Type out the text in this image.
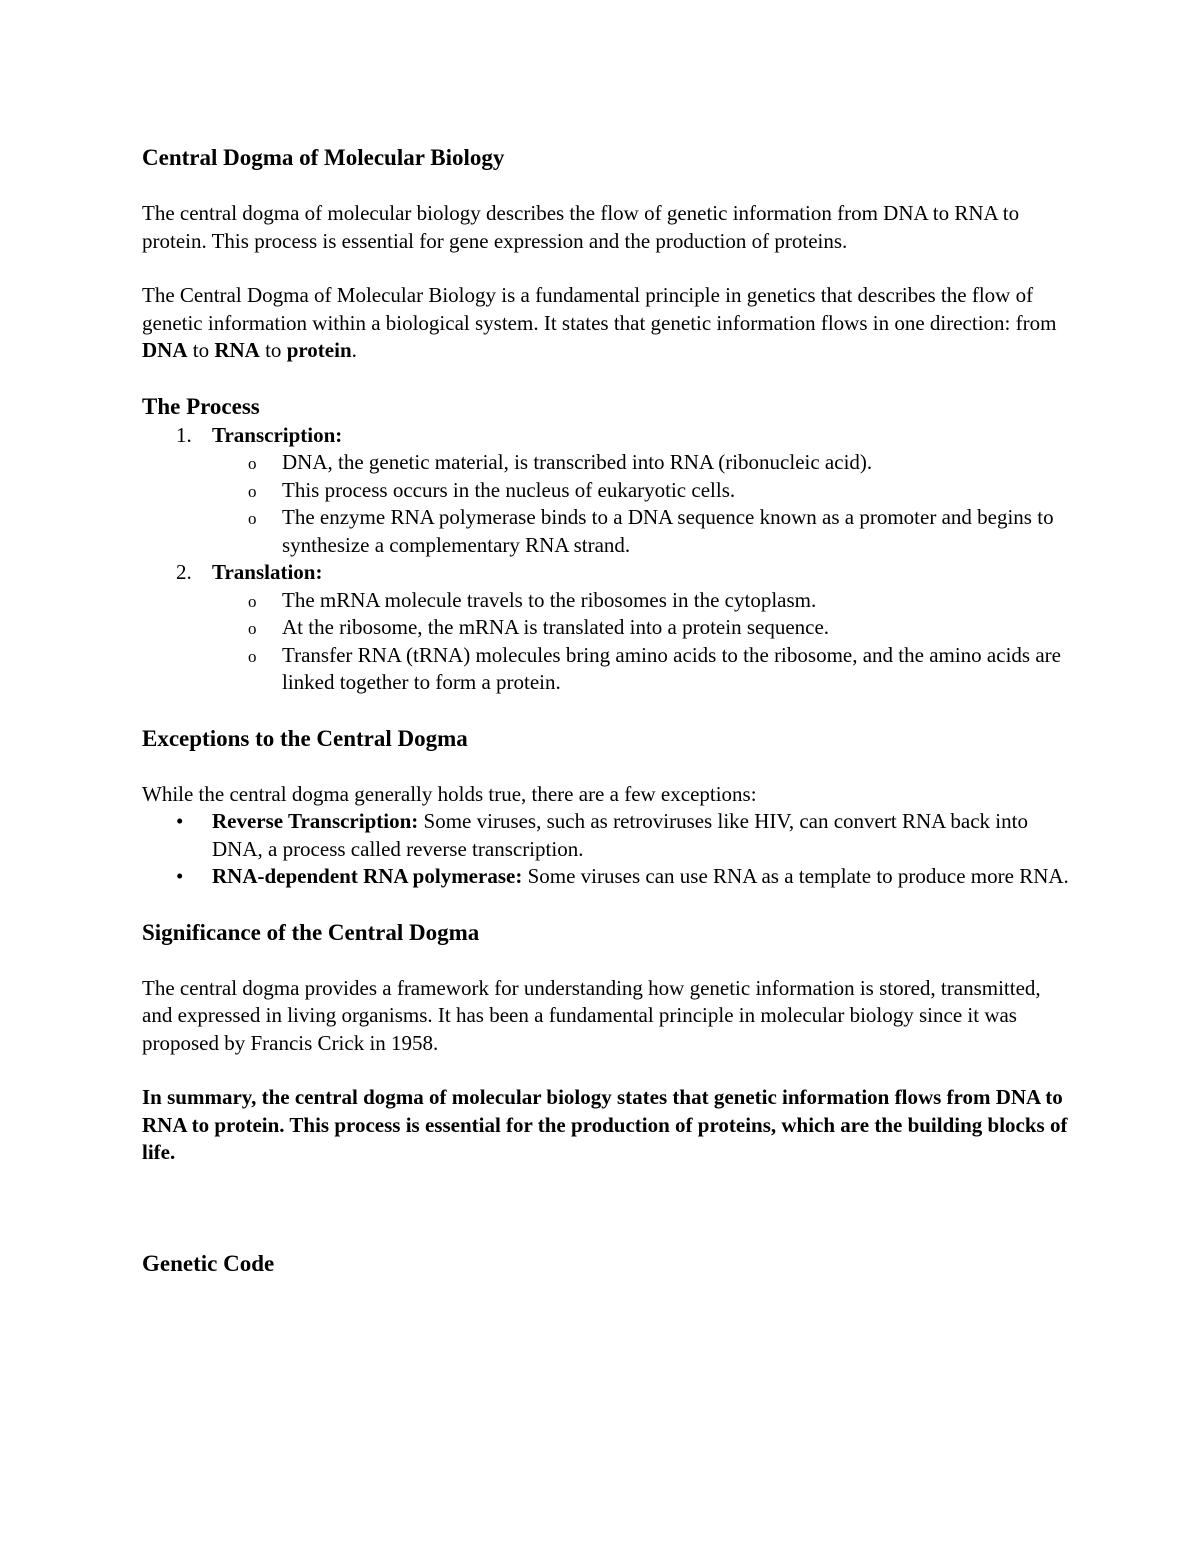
Central Dogma of Molecular Biology

The central dogma of molecular biology describes the flow of genetic information from DNA to RNA to protein. This process is essential for gene expression and the production of proteins.

The Central Dogma of Molecular Biology is a fundamental principle in genetics that describes the flow of genetic information within a biological system. It states that genetic information flows in one direction: from DNA to RNA to protein.

The Process
1. Transcription:
o DNA, the genetic material, is transcribed into RNA (ribonucleic acid).
o This process occurs in the nucleus of eukaryotic cells.
o The enzyme RNA polymerase binds to a DNA sequence known as a promoter and begins to synthesize a complementary RNA strand.
2. Translation:
o The mRNA molecule travels to the ribosomes in the cytoplasm.
o At the ribosome, the mRNA is translated into a protein sequence.
o Transfer RNA (tRNA) molecules bring amino acids to the ribosome, and the amino acids are linked together to form a protein.
Exceptions to the Central Dogma

While the central dogma generally holds true, there are a few exceptions:

• Reverse Transcription: Some viruses, such as retroviruses like HIV, can convert RNA back into DNA, a process called reverse transcription.
• RNA-dependent RNA polymerase: Some viruses can use RNA as a template to produce more RNA.
Significance of the Central Dogma

The central dogma provides a framework for understanding how genetic information is stored, transmitted, and expressed in living organisms. It has been a fundamental principle in molecular biology since it was proposed by Francis Crick in 1958.

In summary, the central dogma of molecular biology states that genetic information flows from DNA to RNA to protein. This process is essential for the production of proteins, which are the building blocks of life.

Genetic Code
